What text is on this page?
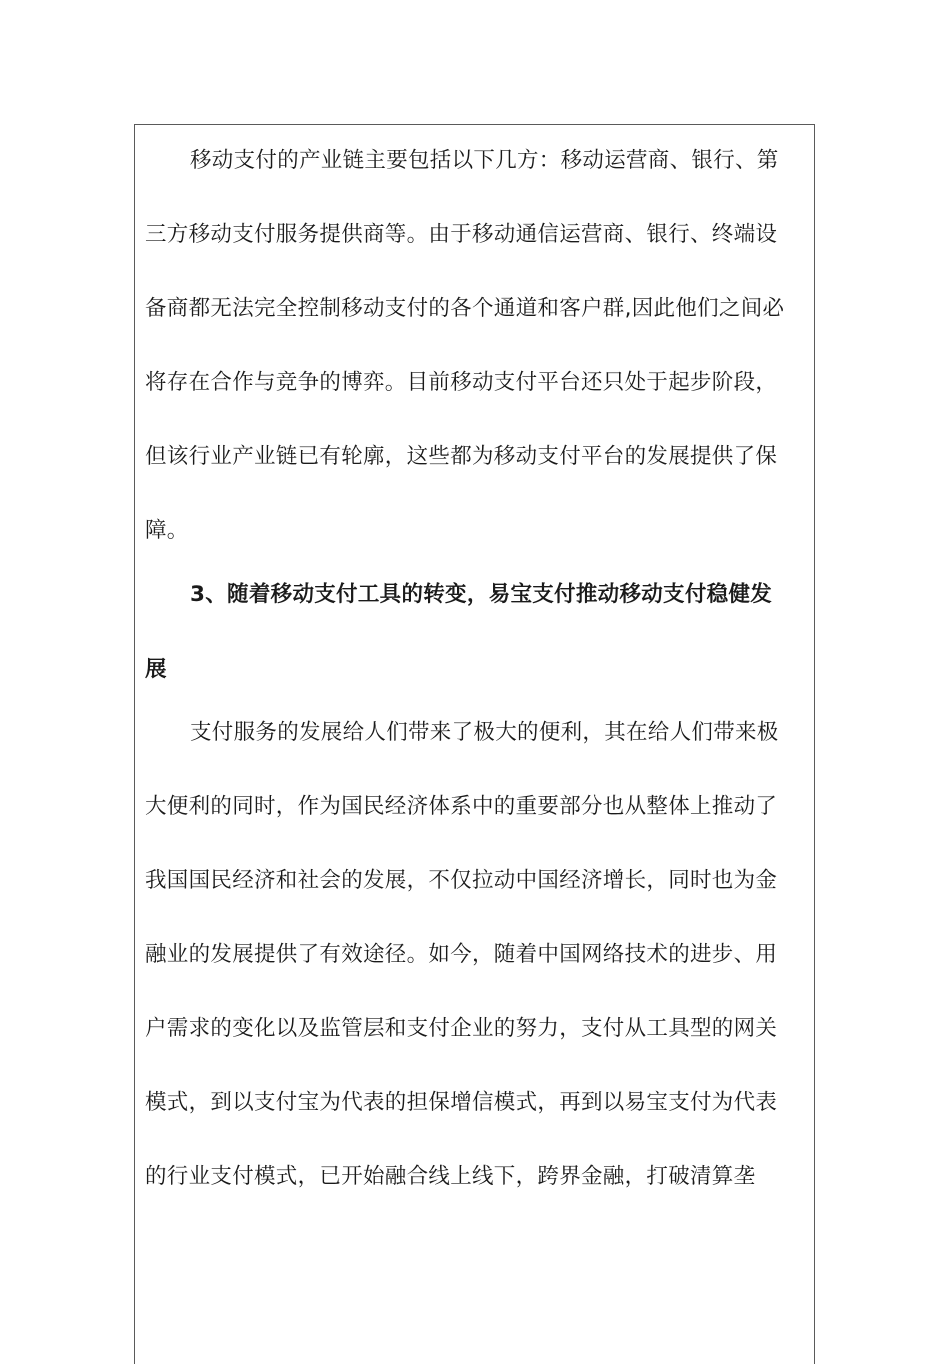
移动支付的产业链主要包括以下几方：移动运营商、银行、第
三方移动支付服务提供商等。由于移动通信运营商、银行、终端设
备商都无法完全控制移动支付的各个通道和客户群,因此他们之间必
将存在合作与竞争的博弈。目前移动支付平台还只处于起步阶段，
但该行业产业链已有轮廓，这些都为移动支付平台的发展提供了保
障。
3、随着移动支付工具的转变，易宝支付推动移动支付稳健发
展
支付服务的发展给人们带来了极大的便利，其在给人们带来极
大便利的同时，作为国民经济体系中的重要部分也从整体上推动了
我国国民经济和社会的发展，不仅拉动中国经济增长，同时也为金
融业的发展提供了有效途径。如今，随着中国网络技术的进步、用
户需求的变化以及监管层和支付企业的努力，支付从工具型的网关
模式，到以支付宝为代表的担保增信模式，再到以易宝支付为代表
的行业支付模式，已开始融合线上线下，跨界金融，打破清算垄
